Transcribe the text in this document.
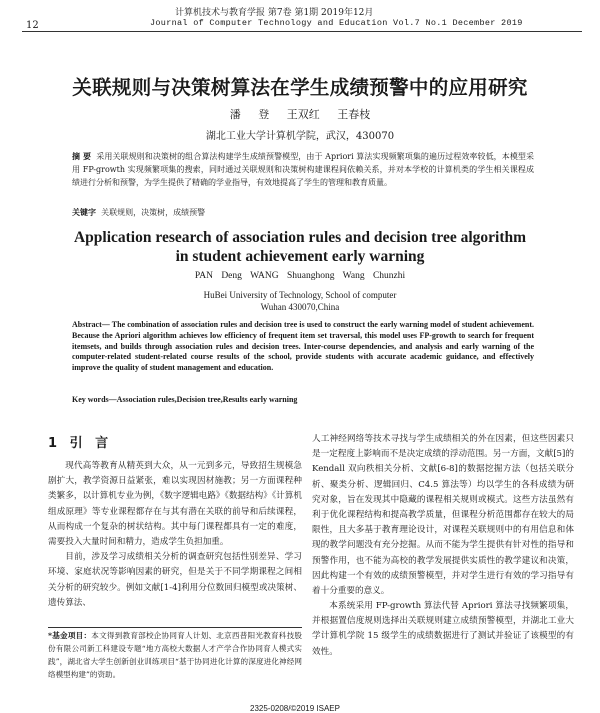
计算机技术与教育学报 第7卷 第1期 2019年12月
12	Journal of Computer Technology and Education Vol.7 No.1 December 2019
关联规则与决策树算法在学生成绩预警中的应用研究
潘 登 王双红 王春枝
湖北工业大学计算机学院，武汉，430070
摘 要 采用关联规则和决策树的组合算法构建学生成绩预警模型，由于 Apriori 算法实现频繁项集的遍历过程效率较低，本模型采用 FP-growth 实现频繁项集的搜索，同时通过关联规则和决策树构建课程间依赖关系，并对本学校的计算机类的学生相关课程成绩进行分析和预警，为学生提供了精确的学业指导，有效地提高了学生的管理和教育质量。
关键字 关联规则，决策树，成绩预警
Application research of association rules and decision tree algorithm
in student achievement early warning
PAN Deng WANG Shuanghong Wang Chunzhi
HuBei University of Technology, School of computer
Wuhan 430070,China
Abstract— The combination of association rules and decision tree is used to construct the early warning model of student achievement. Because the Apriori algorithm achieves low efficiency of frequent item set traversal, this model uses FP-growth to search for frequent itemsets, and builds through association rules and decision trees. Inter-course dependencies, and analysis and early warning of the computer-related student-related course results of the school, provide students with accurate academic guidance, and effectively improve the quality of student management and education.
Key words—Association rules,Decision tree,Results early warning
1 引 言

现代高等教育从精英到大众，从一元到多元，导致招生规模急剧扩大，教学资源日益紧张，难以实现因材施教；另一方面课程种类繁多，以计算机专业为例，《数字逻辑电路》《数据结构》《计算机组成原理》等专业课程都存在与其有潜在关联的前导和后续课程，从而构成一个复杂的树状结构。其中每门课程都具有一定的难度，需要投入大量时间和精力，造成学生负担加重。

目前，涉及学习成绩相关分析的调查研究包括性别差异、学习环境、家庭状况等影响因素的研究，但是关于不同学期课程之间相关分析的研究较少。例如文献[1-4]利用分位数回归模型或决策树、遗传算法、

*基金项目：本文得到教育部校企协同育人计划、北京西普阳光教育科技股份有限公司新工科建设专题“地方高校大数据人才产学合作协同育人模式实践”，湖北省大学生创新创业训练项目“基于协同进化计算的深度进化神经网络模型构建”的资助。

人工神经网络等技术寻找与学生成绩相关的外在因素，但这些因素只是一定程度上影响而不是决定成绩的浮动范围。另一方面，文献[5]的 Kendall 双向秩相关分析、文献[6-8]的数据挖掘方法（包括关联分析、聚类分析、逻辑回归、C4.5 算法等）均以学生的各科成绩为研究对象，旨在发现其中隐藏的课程相关规则或模式。这些方法虽然有利于优化课程结构和提高教学质量，但课程分析范围都存在较大的局限性，且大多基于教育理论设计，对课程关联规则中的有用信息和体现的教学问题没有充分挖掘。从而不能为学生提供有针对性的指导和预警作用，也不能为高校的教学发展提供实质性的教学建议和决策，因此构建一个有效的成绩预警模型，并对学生进行有效的学习指导有着十分重要的意义。

本系统采用 FP-growth 算法代替 Apriori 算法寻找频繁项集，并根据置信度规则选择出关联规则建立成绩预警模型，并湖北工业大学计算机学院 15 级学生的成绩数据进行了测试并验证了该模型的有效性。

2325-0208/©2019 ISAEP
